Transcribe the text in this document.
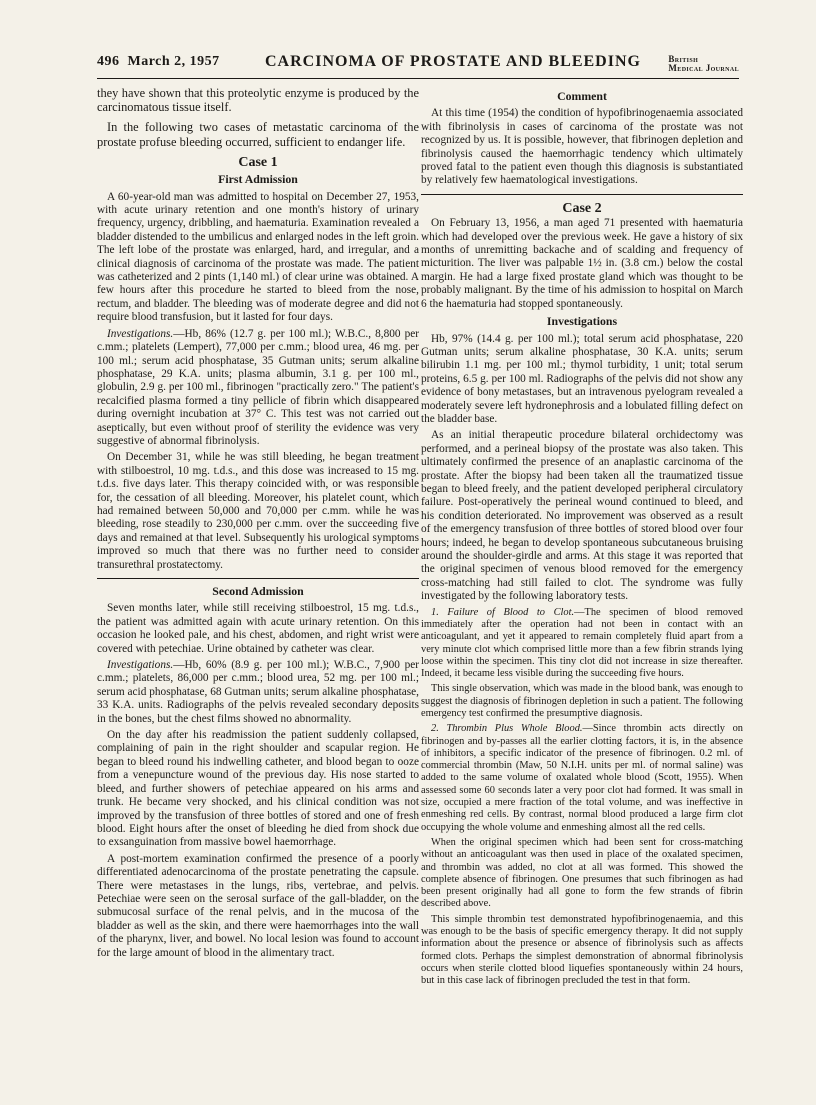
496 March 2, 1957	CARCINOMA OF PROSTATE AND BLEEDING	British
Medical Journal

they have shown that this proteolytic enzyme is produced by the carcinomatous tissue itself.

In the following two cases of metastatic carcinoma of the prostate profuse bleeding occurred, sufficient to endanger life.

Case 1
First Admission

A 60-year-old man was admitted to hospital on December 27, 1953, with acute urinary retention and one month's history of urinary frequency, urgency, dribbling, and haematuria. Examination revealed a bladder distended to the umbilicus and enlarged nodes in the left groin. The left lobe of the prostate was enlarged, hard, and irregular, and a clinical diagnosis of carcinoma of the prostate was made. The patient was catheterized and 2 pints (1,140 ml.) of clear urine was obtained. A few hours after this procedure he started to bleed from the nose, rectum, and bladder. The bleeding was of moderate degree and did not require blood transfusion, but it lasted for four days.

Investigations.—Hb, 86% (12.7 g. per 100 ml.); W.B.C., 8,800 per c.mm.; platelets (Lempert), 77,000 per c.mm.; blood urea, 46 mg. per 100 ml.; serum acid phosphatase, 35 Gutman units; serum alkaline phosphatase, 29 K.A. units; plasma albumin, 3.1 g. per 100 ml., globulin, 2.9 g. per 100 ml., fibrinogen "practically zero." The patient's recalcified plasma formed a tiny pellicle of fibrin which disappeared during overnight incubation at 37° C. This test was not carried out aseptically, but even without proof of sterility the evidence was very suggestive of abnormal fibrinolysis.

On December 31, while he was still bleeding, he began treatment with stilboestrol, 10 mg. t.d.s., and this dose was increased to 15 mg. t.d.s. five days later. This therapy coincided with, or was responsible for, the cessation of all bleeding. Moreover, his platelet count, which had remained between 50,000 and 70,000 per c.mm. while he was bleeding, rose steadily to 230,000 per c.mm. over the succeeding five days and remained at that level. Subsequently his urological symptoms improved so much that there was no further need to consider transurethral prostatectomy.

Second Admission

Seven months later, while still receiving stilboestrol, 15 mg. t.d.s., the patient was admitted again with acute urinary retention. On this occasion he looked pale, and his chest, abdomen, and right wrist were covered with petechiae. Urine obtained by catheter was clear.

Investigations.—Hb, 60% (8.9 g. per 100 ml.); W.B.C., 7,900 per c.mm.; platelets, 86,000 per c.mm.; blood urea, 52 mg. per 100 ml.; serum acid phosphatase, 68 Gutman units; serum alkaline phosphatase, 33 K.A. units. Radiographs of the pelvis revealed secondary deposits in the bones, but the chest films showed no abnormality.

On the day after his readmission the patient suddenly collapsed, complaining of pain in the right shoulder and scapular region. He began to bleed round his indwelling catheter, and blood began to ooze from a venepuncture wound of the previous day. His nose started to bleed, and further showers of petechiae appeared on his arms and trunk. He became very shocked, and his clinical condition was not improved by the transfusion of three bottles of stored and one of fresh blood. Eight hours after the onset of bleeding he died from shock due to exsanguination from massive bowel haemorrhage.

A post-mortem examination confirmed the presence of a poorly differentiated adenocarcinoma of the prostate penetrating the capsule. There were metastases in the lungs, ribs, vertebrae, and pelvis. Petechiae were seen on the serosal surface of the gall-bladder, on the submucosal surface of the renal pelvis, and in the mucosa of the bladder as well as the skin, and there were haemorrhages into the wall of the pharynx, liver, and bowel. No local lesion was found to account for the large amount of blood in the alimentary tract.

Comment

At this time (1954) the condition of hypofibrinogenaemia associated with fibrinolysis in cases of carcinoma of the prostate was not recognized by us. It is possible, however, that fibrinogen depletion and fibrinolysis caused the haemorrhagic tendency which ultimately proved fatal to the patient even though this diagnosis is substantiated by relatively few haematological investigations.

Case 2

On February 13, 1956, a man aged 71 presented with haematuria which had developed over the previous week. He gave a history of six months of unremitting backache and of scalding and frequency of micturition. The liver was palpable 1½ in. (3.8 cm.) below the costal margin. He had a large fixed prostate gland which was thought to be probably malignant. By the time of his admission to hospital on March 6 the haematuria had stopped spontaneously.

Investigations

Hb, 97% (14.4 g. per 100 ml.); total serum acid phosphatase, 220 Gutman units; serum alkaline phosphatase, 30 K.A. units; serum bilirubin 1.1 mg. per 100 ml.; thymol turbidity, 1 unit; total serum proteins, 6.5 g. per 100 ml. Radiographs of the pelvis did not show any evidence of bony metastases, but an intravenous pyelogram revealed a moderately severe left hydronephrosis and a lobulated filling defect on the bladder base.

As an initial therapeutic procedure bilateral orchidectomy was performed, and a perineal biopsy of the prostate was also taken. This ultimately confirmed the presence of an anaplastic carcinoma of the prostate. After the biopsy had been taken all the traumatized tissue began to bleed freely, and the patient developed peripheral circulatory failure. Post-operatively the perineal wound continued to bleed, and his condition deteriorated. No improvement was observed as a result of the emergency transfusion of three bottles of stored blood over four hours; indeed, he began to develop spontaneous subcutaneous bruising around the shoulder-girdle and arms. At this stage it was reported that the original specimen of venous blood removed for the emergency cross-matching had still failed to clot. The syndrome was fully investigated by the following laboratory tests.

1. Failure of Blood to Clot.—The specimen of blood removed immediately after the operation had not been in contact with an anticoagulant, and yet it appeared to remain completely fluid apart from a very minute clot which comprised little more than a few fibrin strands lying loose within the specimen. This tiny clot did not increase in size thereafter. Indeed, it became less visible during the succeeding five hours.

This single observation, which was made in the blood bank, was enough to suggest the diagnosis of fibrinogen depletion in such a patient. The following emergency test confirmed the presumptive diagnosis.

2. Thrombin Plus Whole Blood.—Since thrombin acts directly on fibrinogen and by-passes all the earlier clotting factors, it is, in the absence of inhibitors, a specific indicator of the presence of fibrinogen. 0.2 ml. of commercial thrombin (Maw, 50 N.I.H. units per ml. of normal saline) was added to the same volume of oxalated whole blood (Scott, 1955). When assessed some 60 seconds later a very poor clot had formed. It was small in size, occupied a mere fraction of the total volume, and was ineffective in enmeshing red cells. By contrast, normal blood produced a large firm clot occupying the whole volume and enmeshing almost all the red cells.

When the original specimen which had been sent for cross-matching without an anticoagulant was then used in place of the oxalated specimen, and thrombin was added, no clot at all was formed. This showed the complete absence of fibrinogen. One presumes that such fibrinogen as had been present originally had all gone to form the few strands of fibrin described above.

This simple thrombin test demonstrated hypofibrinogenaemia, and this was enough to be the basis of specific emergency therapy. It did not supply information about the presence or absence of fibrinolysis such as affects formed clots. Perhaps the simplest demonstration of abnormal fibrinolysis occurs when sterile clotted blood liquefies spontaneously within 24 hours, but in this case lack of fibrinogen precluded the test in that form.
